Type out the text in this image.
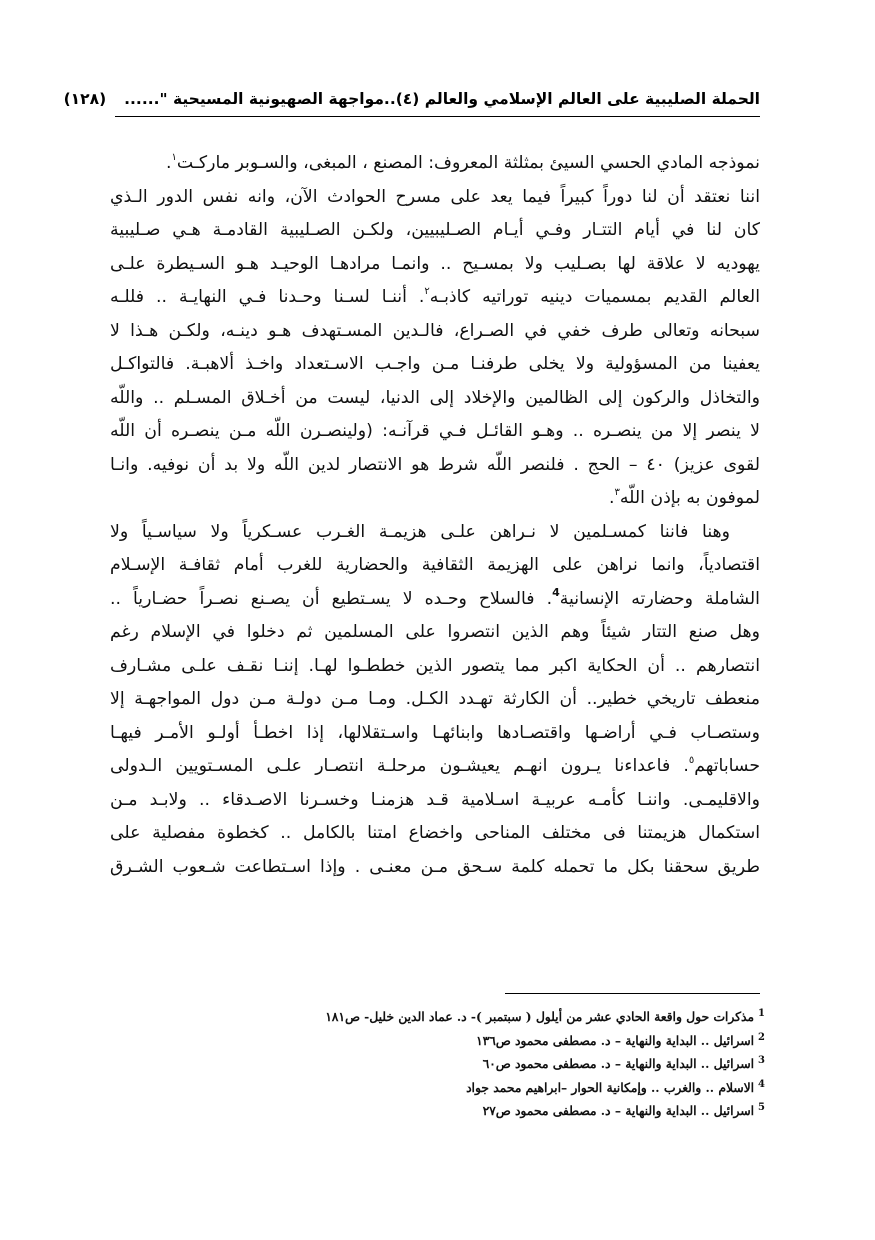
الحملة الصليبية على العالم الإسلامي والعالم (٤)..مواجهة الصهيونية المسيحية "......(١٢٨)
نموذجه المادي الحسي السيئ بمثلثة المعروف: المصنع ، المبغى، والسـوبر ماركـت$^١$.
اننا نعتقد أن لنا دوراً كبيراً فيما يعد على مسرح الحوادث الآن، وانه نفس الدور الـذي
كان لنا في أيام التتـار وفـي أيـام الصـليبيين، ولكـن الصـليبية القادمـة هـي صـليبية
يهوديه لا علاقة لها بصـليب ولا بمسـيح .. وانمـا مرادهـا الوحيـد هـو السـيطرة علـى
العالم القديم بمسميات دينيه توراتيه كاذبـه$^٢$. أننـا لسـنا وحـدنا فـي النهايـة .. فللـه
سبحانه وتعالى طرف خفي في الصـراع، فالـدين المسـتهدف هـو دينـه، ولكـن هـذا لا
يعفينا من المسؤولية ولا يخلى طرفنـا مـن واجـب الاسـتعداد واخـذ ألاهبـة. فالتواكـل
والتخاذل والركون إلى الظالمين والإخلاد إلى الدنيا، ليست من أخـلاق المسـلم .. واللّه
لا ينصر إلا من ينصـره .. وهـو القائـل فـي قرآنـه: (ولينصـرن اللّه مـن ينصـره أن اللّه
لقوى عزيز) ٤٠ – الحج . فلنصر اللّه شرط هو الانتصار لدين اللّه ولا بد أن نوفيه. وانـا
لموفون به بإذن اللّه$^٣$.
وهنا فاننا كمسـلمين لا نـراهن علـى هزيمـة الغـرب عسـكرياً ولا سياسـياً ولا
اقتصادياً، وانما نراهن على الهزيمة الثقافية والحضارية للغرب أمام ثقافـة الإسـلام
الشاملة وحضارته الإنسانية$^4$. فالسلاح وحـده لا يسـتطيع أن يصـنع نصـراً حضـارياً ..
وهل صنع التتار شيئاً وهم الذين انتصروا على المسلمين ثم دخلوا في الإسلام رغم
انتصارهم .. أن الحكاية اكبر مما يتصور الذين خططـوا لهـا. إننـا نقـف علـى مشـارف
منعطف تاريخي خطير.. أن الكارثة تهـدد الكـل. ومـا مـن دولـة مـن دول المواجهـة إلا
وستصـاب فـي أراضـها واقتصـادها وابنائهـا واسـتقلالها، إذا اخطـأ أولـو الأمـر فيهـا
حساباتهم$^٥$. فاعداءنا يـرون انهـم يعيشـون مرحلـة انتصـار علـى المسـتويين الـدولى
والاقليمـى. واننـا كأمـه عربيـة اسـلامية قـد هزمنـا وخسـرنا الاصـدقاء .. ولابـد مـن
استكمال هزيمتنا فى مختلف المناحى واخضاع امتنا بالكامل .. كخطوة مفصلية على
طريق سحقنا بكل ما تحمله كلمة سـحق مـن معنـى . وإذا اسـتطاعت شـعوب الشـرق
$^1$مذكرات حول واقعة الحادي عشر من أيلول ( سبتمبر )- د. عماد الدين خليل- ص١٨١
$^2$اسرائيل .. البداية والنهاية – د. مصطفى محمود ص١٣٦
$^3$اسرائيل .. البداية والنهاية – د. مصطفى محمود ص٦٠
$^4$الاسلام .. والغرب .. وإمكانية الحوار –ابراهيم محمد جواد
$^5$اسرائيل .. البداية والنهاية – د. مصطفى محمود ص٢٧
